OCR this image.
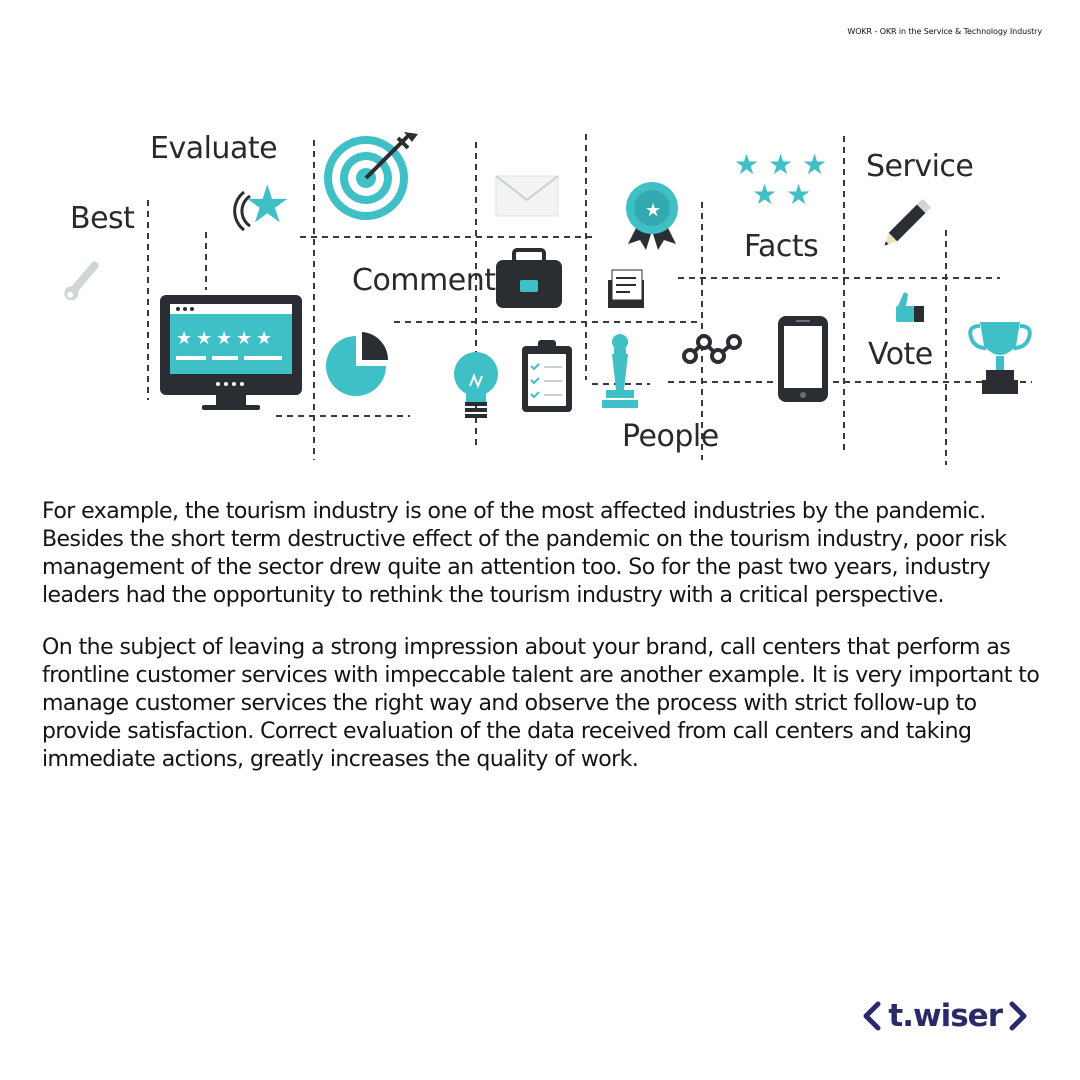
WOKR - OKR in the Service & Technology Industry
Evaluate
Best
Comment
Facts
Service
Vote
People
★ ★ ★ ★ ★
★	★
★ ★ ★
★ ★

For example, the tourism industry is one of the most affected industries by the pandemic. Besides the short term destructive effect of the pandemic on the tourism industry, poor risk management of the sector drew quite an attention too. So for the past two years, industry leaders had the opportunity to rethink the tourism industry with a critical perspective.

On the subject of leaving a strong impression about your brand, call centers that perform as frontline customer services with impeccable talent are another example. It is very important to manage customer services the right way and observe the process with strict follow-up to provide satisfaction. Correct evaluation of the data received from call centers and taking immediate actions, greatly increases the quality of work.

t.wiser
